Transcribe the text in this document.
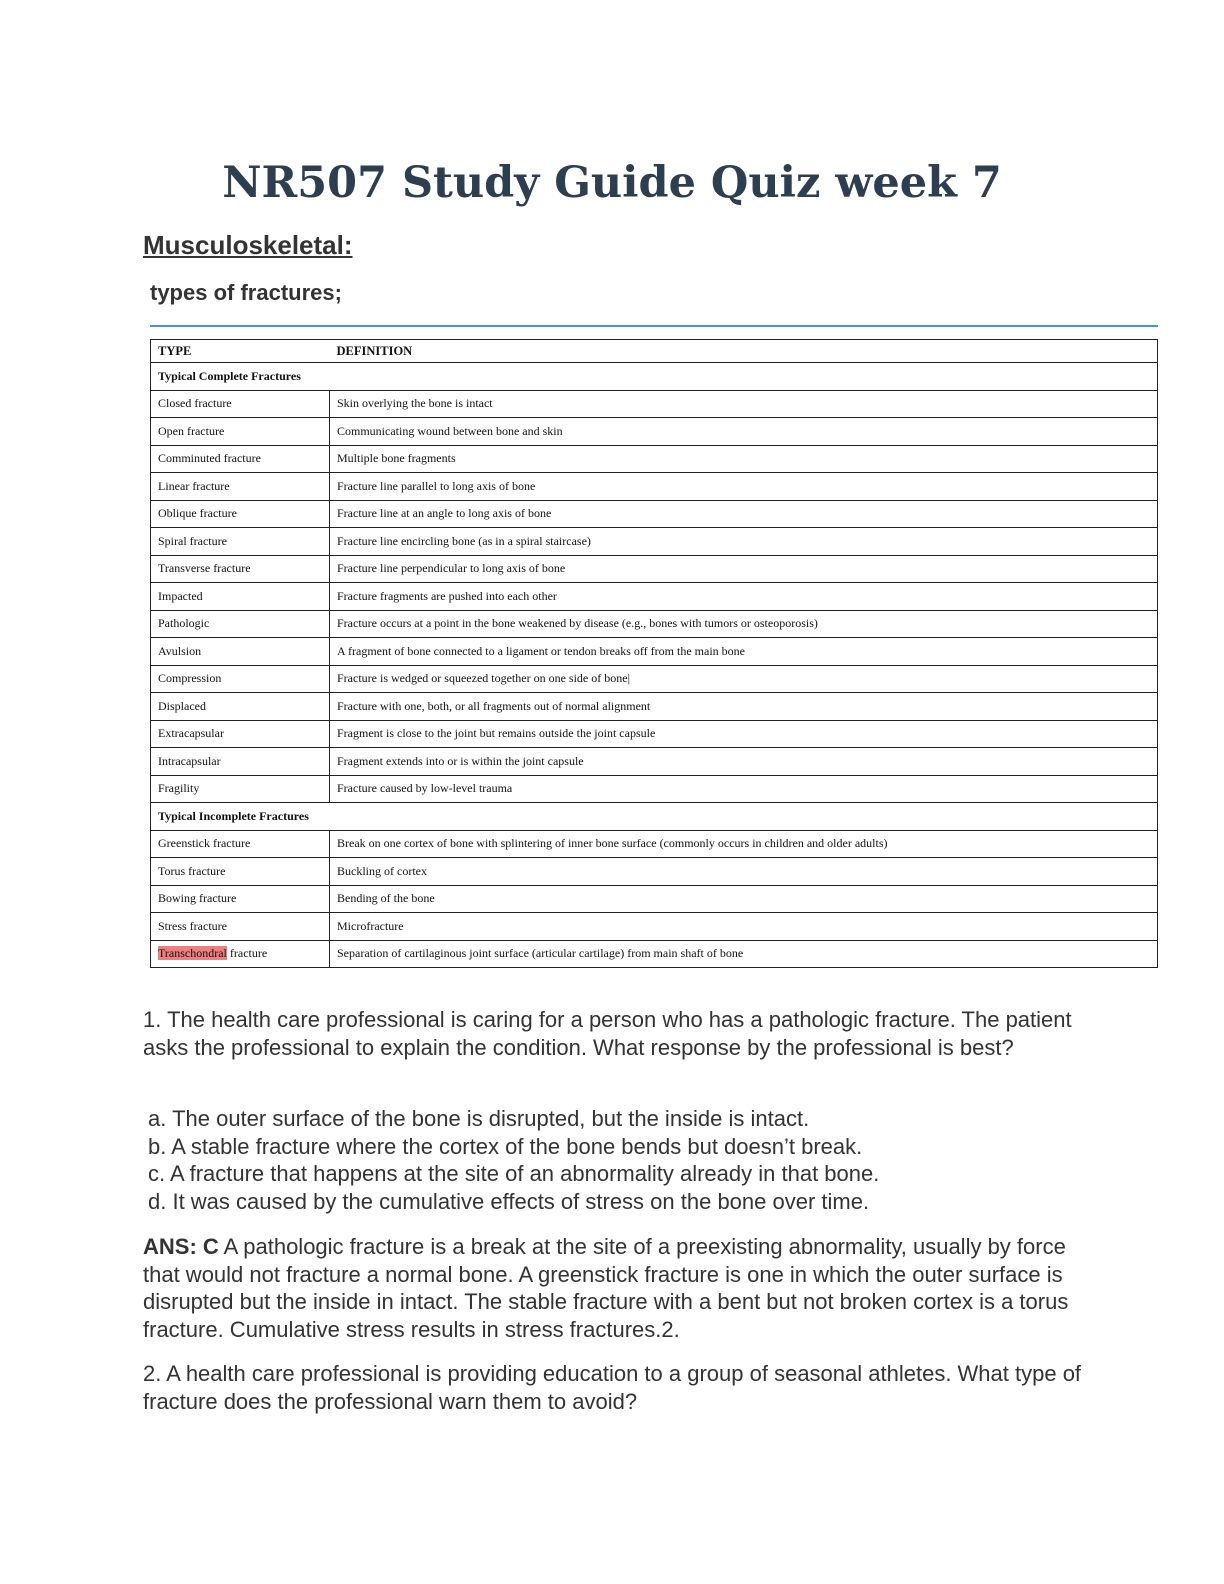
NR507 Study Guide Quiz week 7
Musculoskeletal:
types of fractures;
TYPE	DEFINITION
Typical Complete Fractures	
Closed fracture	Skin overlying the bone is intact
Open fracture	Communicating wound between bone and skin
Comminuted fracture	Multiple bone fragments
Linear fracture	Fracture line parallel to long axis of bone
Oblique fracture	Fracture line at an angle to long axis of bone
Spiral fracture	Fracture line encircling bone (as in a spiral staircase)
Transverse fracture	Fracture line perpendicular to long axis of bone
Impacted	Fracture fragments are pushed into each other
Pathologic	Fracture occurs at a point in the bone weakened by disease (e.g., bones with tumors or osteoporosis)
Avulsion	A fragment of bone connected to a ligament or tendon breaks off from the main bone
Compression	Fracture is wedged or squeezed together on one side of bone|
Displaced	Fracture with one, both, or all fragments out of normal alignment
Extracapsular	Fragment is close to the joint but remains outside the joint capsule
Intracapsular	Fragment extends into or is within the joint capsule
Fragility	Fracture caused by low-level trauma
Typical Incomplete Fractures	
Greenstick fracture	Break on one cortex of bone with splintering of inner bone surface (commonly occurs in children and older adults)
Torus fracture	Buckling of cortex
Bowing fracture	Bending of the bone
Stress fracture	Microfracture
Transchondral fracture	Separation of cartilaginous joint surface (articular cartilage) from main shaft of bone

1. The health care professional is caring for a person who has a pathologic fracture. The patient asks the professional to explain the condition. What response by the professional is best?

a. The outer surface of the bone is disrupted, but the inside is intact.
b. A stable fracture where the cortex of the bone bends but doesn’t break.
c. A fracture that happens at the site of an abnormality already in that bone.
d. It was caused by the cumulative effects of stress on the bone over time.

ANS: C A pathologic fracture is a break at the site of a preexisting abnormality, usually by force that would not fracture a normal bone. A greenstick fracture is one in which the outer surface is disrupted but the inside in intact. The stable fracture with a bent but not broken cortex is a torus fracture. Cumulative stress results in stress fractures.2.

2. A health care professional is providing education to a group of seasonal athletes. What type of fracture does the professional warn them to avoid?
